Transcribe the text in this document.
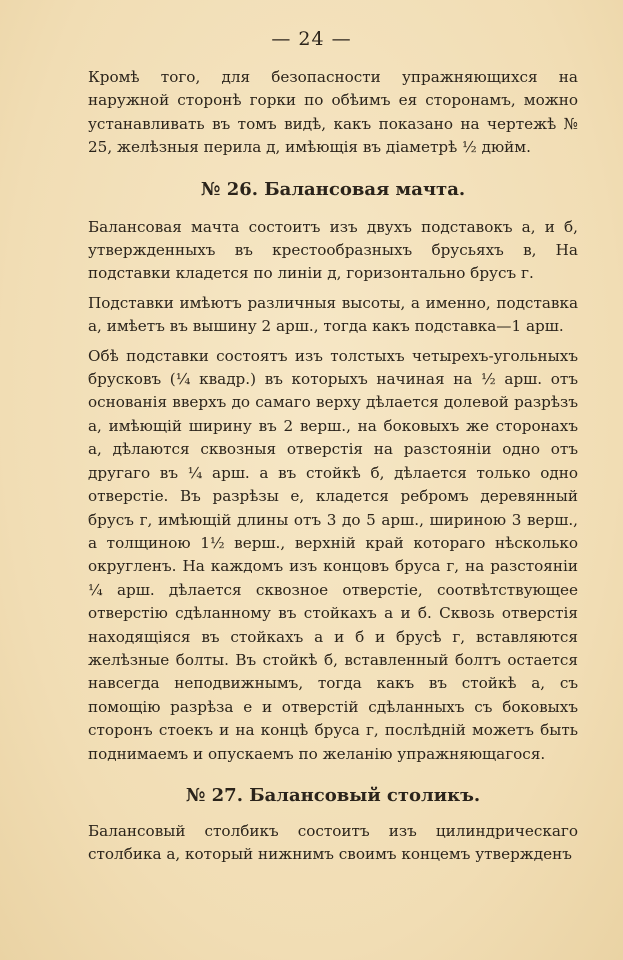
— 24 —

Кромѣ того, для безопасности упражняющихся на наружной сторонѣ горки по обѣимъ ея сторонамъ, можно устанавливать въ томъ видѣ, какъ показано на чертежѣ № 25, желѣзныя перила д, имѣющія въ діаметрѣ ½ дюйм.

№ 26. Балансовая мачта.

Балансовая мачта состоитъ изъ двухъ подставокъ а, и б, утвержденныхъ въ крестообразныхъ брусьяхъ в, На подставки кладется по линіи д, горизонтально брусъ г.

Подставки имѣютъ различныя высоты, а именно, подставка а, имѣетъ въ вышину 2 арш., тогда какъ подставка—1 арш.

Обѣ подставки состоятъ изъ толстыхъ четырехъ-угольныхъ брусковъ (¼ квадр.) въ которыхъ начиная на ½ арш. отъ основанія вверхъ до самаго верху дѣлается долевой разрѣзъ а, имѣющій ширину въ 2 верш., на боковыхъ же сторонахъ а, дѣлаются сквозныя отверстія на разстояніи одно отъ другаго въ ¼ арш. а въ стойкѣ б, дѣлается только одно отверстіе. Въ разрѣзы е, кладется ребромъ деревянный брусъ г, имѣющій длины отъ 3 до 5 арш., шириною 3 верш., а толщиною 1½ верш., верхній край котораго нѣсколько округленъ. На каждомъ изъ концовъ бруса г, на разстояніи ¼ арш. дѣлается сквозное отверстіе, соотвѣтствующее отверстію сдѣланному въ стойкахъ а и б. Сквозь отверстія находящіяся въ стойкахъ а и б и брусѣ г, вставляются желѣзные болты. Въ стойкѣ б, вставленный болтъ остается навсегда неподвижнымъ, тогда какъ въ стойкѣ а, съ помощію разрѣза е и отверстій сдѣланныхъ съ боковыхъ сторонъ стоекъ и на концѣ бруса г, послѣдній можетъ быть поднимаемъ и опускаемъ по желанію упражняющагося.

№ 27. Балансовый столикъ.

Балансовый столбикъ состоитъ изъ цилиндрическаго столбика а, который нижнимъ своимъ концемъ утвержденъ
